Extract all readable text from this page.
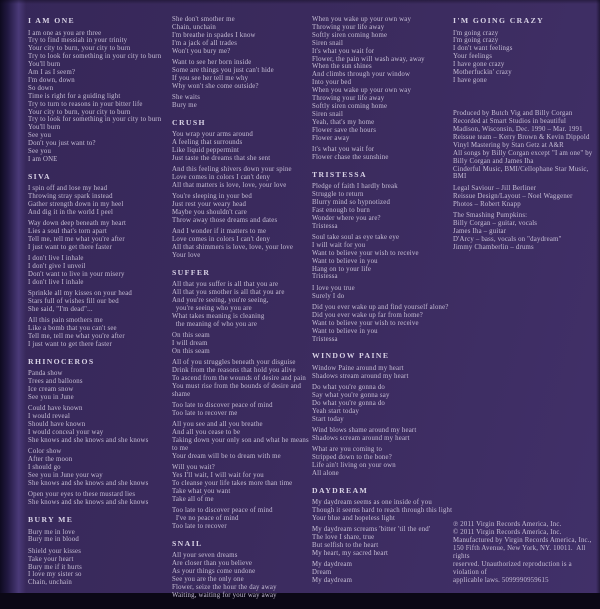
I AM ONE
I am one as you are three
Try to find messiah in your trinity
Your city to burn, your city to burn
Try to look for something in your city to burn
You'll burn
Am I as I seem?
I'm down, down
So down
Time is right for a guiding light
Try to turn to reasons in your bitter life
Your city to burn, your city to burn
Try to look for something in your city to burn
You'll burn
See you
Don't you just want to?
See you
I am ONE
SIVA
I spin off and lose my head
Throwing stray spark instead
Gather strength down in my heel
And dig it in the world I peel
Way down deep beneath my heart
Lies a soul that's torn apart
Tell me, tell me what you're after
I just want to get there faster
I don't live I inhale
I don't give I unveil
Don't want to live in your misery
I don't live I inhale
Sprinkle all my kisses on your head
Stars full of wishes fill our bed
She said, "I'm dead"...
All this pain smothers me
Like a bomb that you can't see
Tell me, tell me what you're after
I just want to get there faster
RHINOCEROS
Panda show
Trees and balloons
Ice cream snow
See you in June
Could have known
I would reveal
Should have known
I would conceal your way
She knows and she knows and she knows
Color show
After the moon
I should go
See you in June your way
She knows and she knows and she knows
Open your eyes to these mustard lies
She knows and she knows and she knows
BURY ME
Bury me in love
Bury me in blood
Shield your kisses
Take your heart
Bury me if it hurts
I love my sister so
Chain, unchain
She don't smother me
Chain, unchain
I'm breathe in spades I know
I'm a jack of all trades
Won't you bury me?
Want to see her born inside
Some are things you just can't hide
If you see her tell me why
Why won't she come outside?
She waits
Bury me
CRUSH
You wrap your arms around
A feeling that surrounds
Like liquid peppermint
Just taste the dreams that she sent
And this feeling shivers down your spine
Love comes in colors I can't deny
All that matters is love, love, your love
You're sleeping in your bed
Just rest your weary head
Maybe you shouldn't care
Throw away those dreams and dates
And I wonder if it matters to me
Love comes in colors I can't deny
All that shimmers is love, love, your love
Your love
SUFFER
All that you suffer is all that you are
All that you smother is all that you are
And you're seeing, you're seeing,
you're seeing who you are
What takes meaning is cleaning
the meaning of who you are
On this seam
I will dream
On this seam
All of you struggles beneath your disguise
Drink from the reasons that hold you alive
To ascend from the wounds of desire and pain
You must rise from the bounds of desire and shame
Too late to discover peace of mind
Too late to recover me
All you see and all you breathe
And all you cease to be
Taking down your only son and what he means to me
Your dream will be to dream with me
Will you wait?
Yes I'll wait, I will wait for you
To cleanse your life takes more than time
Take what you want
Take all of me
Too late to discover peace of mind
I've no peace of mind
Too late to recover
SNAIL
All your seven dreams
Are closer than you believe
As your things come undone
See you are the only one
Flower, seize the hour the day away
Waiting, waiting for your way away
When you wake up your own way
Throwing your life away
Softly siren coming home
Siren snail
It's what you wait for
Flower, the pain will wash away, away
When the sun shines
And climbs through your window
Into your bed
When you wake up your own way
Throwing your life away
Softly siren coming home
Siren snail
Yeah, that's my home
Flower save the hours
Flower away
It's what you wait for
Flower chase the sunshine
TRISTESSA
Pledge of faith I hardly break
Struggle to return
Blurry mind so hypnotized
Fast enough to burn
Wonder where you are?
Tristessa
Soul take soul as eye take eye
I will wait for you
Want to believe your wish to receive
Want to believe in you
Hang on to your life
Tristessa
I love you true
Surely I do
Did you ever wake up and find yourself alone?
Did you ever wake up far from home?
Want to believe your wish to receive
Want to believe in you
Tristessa
WINDOW PAINE
Window Paine around my heart
Shadows stream around my heart
Do what you're gonna do
Say what you're gonna say
Do what you're gonna do
Yeah start today
Start today
Wind blows shame around my heart
Shadows scream around my heart
What are you coming to
Stripped down to the bone?
Life ain't living on your own
All alone
DAYDREAM
My daydream seems as one inside of you
Though it seems hard to reach through this light
Your blue and hopeless light
My daydream screams 'bitter 'til the end'
The love I share, true
But selfish to the heart
My heart, my sacred heart
My daydream
Dream
My daydream
I'M GOING CRAZY
I'm going crazy
I'm going crazy
I don't want feelings
Your feelings
I have gone crazy
Motherfuckin' crazy
I have gone
Produced by Butch Vig and Billy Corgan
Recorded at Smart Studios in beautiful
Madison, Wisconsin, Dec. 1990 – Mar. 1991
Reissue team – Kerry Brown & Kevin Dippold
Vinyl Mastering by Stan Getz at A&R
All songs by Billy Corgan except "I am one" by
Billy Corgan and James Iha
Cinderful Music, BMI/Cellophane Star Music, BMI
Legal Saviour – Jill Berliner
Reissue Design/Layout – Noel Waggener
Photos – Robert Knapp
The Smashing Pumpkins:
Billy Corgan – guitar, vocals
James Iha – guitar
D'Arcy – bass, vocals on "daydream"
Jimmy Chamberlin – drums
℗ 2011 Virgin Records America, Inc.
© 2011 Virgin Records America, Inc.
Manufactured by Virgin Records America, Inc.,
150 Fifth Avenue, New York, NY. 10011.  All rights
reserved. Unauthorized reproduction is a violation of
applicable laws. 5099990959615
